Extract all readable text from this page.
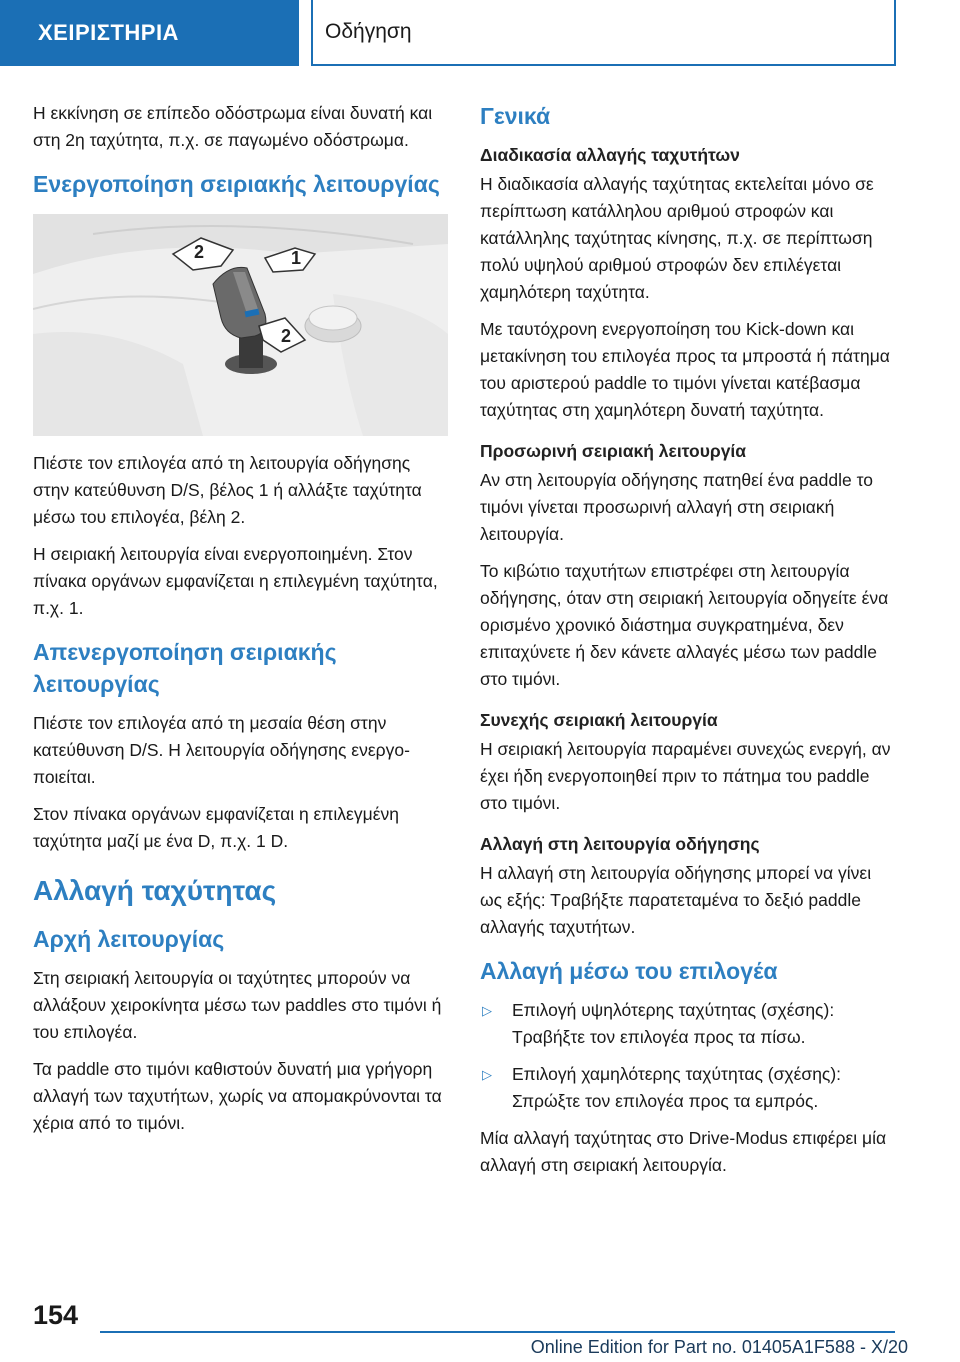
ΧΕΙΡΙΣΤΗΡΙΑ	Οδήγηση

Η εκκίνηση σε επίπεδο οδόστρωμα είναι δυνατή και στη 2η ταχύτητα, π.χ. σε παγωμένο οδόστρωμα.

Ενεργοποίηση σειριακής λειτουργίας
2	1
2

Πιέστε τον επιλογέα από τη λειτουργία οδήγησης στην κατεύθυνση D/S, βέλος 1 ή αλλάξτε ταχύτητα μέσω του επιλογέα, βέλη 2.

Η σειριακή λειτουργία είναι ενεργοποιημένη. Στον πίνακα οργάνων εμφανίζεται η επιλεγμένη ταχύτητα, π.χ. 1.

Απενεργοποίηση σειριακής λειτουργίας

Πιέστε τον επιλογέα από τη μεσαία θέση στην κατεύθυνση D/S. Η λειτουργία οδήγησης ενεργοποιείται.

Στον πίνακα οργάνων εμφανίζεται η επιλεγμένη ταχύτητα μαζί με ένα D, π.χ. 1 D.

Αλλαγή ταχύτητας
Αρχή λειτουργίας

Στη σειριακή λειτουργία οι ταχύτητες μπορούν να αλλάξουν χειροκίνητα μέσω των paddles στο τιμόνι ή του επιλογέα.

Τα paddle στο τιμόνι καθιστούν δυνατή μια γρήγορη αλλαγή των ταχυτήτων, χωρίς να απομακρύνονται τα χέρια από το τιμόνι.

Γενικά
Διαδικασία αλλαγής ταχυτήτων

Η διαδικασία αλλαγής ταχύτητας εκτελείται μόνο σε περίπτωση κατάλληλου αριθμού στροφών και κατάλληλης ταχύτητας κίνησης, π.χ. σε περίπτωση πολύ υψηλού αριθμού στροφών δεν επιλέγεται χαμηλότερη ταχύτητα.

Με ταυτόχρονη ενεργοποίηση του Kick-down και μετακίνηση του επιλογέα προς τα μπροστά ή πάτημα του αριστερού paddle το τιμόνι γίνεται κατέβασμα ταχύτητας στη χαμηλότερη δυνατή ταχύτητα.

Προσωρινή σειριακή λειτουργία

Αν στη λειτουργία οδήγησης πατηθεί ένα paddle το τιμόνι γίνεται προσωρινή αλλαγή στη σειριακή λειτουργία.

Το κιβώτιο ταχυτήτων επιστρέφει στη λειτουργία οδήγησης, όταν στη σειριακή λειτουργία οδηγείτε ένα ορισμένο χρονικό διάστημα συγκρατημένα, δεν επιταχύνετε ή δεν κάνετε αλλαγές μέσω των paddle στο τιμόνι.

Συνεχής σειριακή λειτουργία

Η σειριακή λειτουργία παραμένει συνεχώς ενεργή, αν έχει ήδη ενεργοποιηθεί πριν το πάτημα του paddle στο τιμόνι.

Αλλαγή στη λειτουργία οδήγησης

Η αλλαγή στη λειτουργία οδήγησης μπορεί να γίνει ως εξής: Τραβήξτε παρατεταμένα το δεξιό paddle αλλαγής ταχυτήτων.

Αλλαγή μέσω του επιλογέα
▷	Επιλογή υψηλότερης ταχύτητας (σχέσης): Τραβήξτε τον επιλογέα προς τα πίσω.

▷	Επιλογή χαμηλότερης ταχύτητας (σχέσης): Σπρώξτε τον επιλογέα προς τα εμπρός.

Μία αλλαγή ταχύτητας στο Drive-Modus επιφέρει μία αλλαγή στη σειριακή λειτουργία.

154
Online Edition for Part no. 01405A1F588 - X/20
